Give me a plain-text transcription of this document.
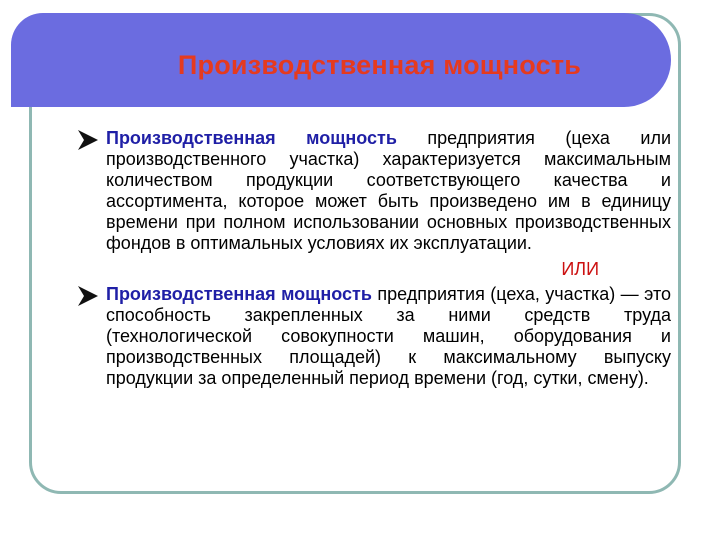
Производственная мощность
Производственная мощность предприятия (цеха или производственного участка) характеризуется максимальным количеством продукции соответствующего качества и ассортимента, которое может быть произведено им в единицу времени при полном использовании основных производственных фондов в оптимальных условиях их эксплуатации.
ИЛИ
Производственная мощность предприятия (цеха, участка) — это способность закрепленных за ними средств труда (технологической совокупности машин, оборудования и производственных площадей) к максимальному выпуску продукции за определенный период времени (год, сутки, смену).
